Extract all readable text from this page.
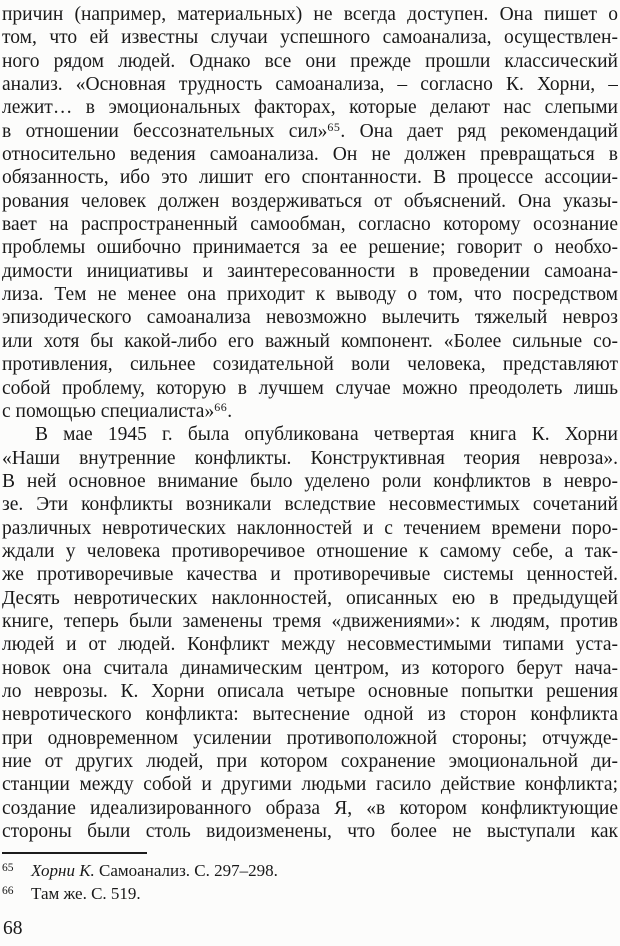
причин (например, материальных) не всегда доступен. Она пишет о
том, что ей известны случаи успешного самоанализа, осуществлен-
ного рядом людей. Однако все они прежде прошли классический
анализ. «Основная трудность самоанализа, – согласно К. Хорни, –
лежит… в эмоциональных факторах, которые делают нас слепыми
в отношении бессознательных сил»$^{65}$. Она дает ряд рекомендаций
относительно ведения самоанализа. Он не должен превращаться в
обязанность, ибо это лишит его спонтанности. В процессе ассоции-
рования человек должен воздерживаться от объяснений. Она указы-
вает на распространенный самообман, согласно которому осознание
проблемы ошибочно принимается за ее решение; говорит о необхо-
димости инициативы и заинтересованности в проведении самоана-
лиза. Тем не менее она приходит к выводу о том, что посредством
эпизодического самоанализа невозможно вылечить тяжелый невроз
или хотя бы какой-либо его важный компонент. «Более сильные со-
противления, сильнее созидательной воли человека, представляют
собой проблему, которую в лучшем случае можно преодолеть лишь
с помощью специалиста»$^{66}$.
В мае 1945 г. была опубликована четвертая книга К. Хорни
«Наши внутренние конфликты. Конструктивная теория невроза».
В ней основное внимание было уделено роли конфликтов в невро-
зе. Эти конфликты возникали вследствие несовместимых сочетаний
различных невротических наклонностей и с течением времени поро-
ждали у человека противоречивое отношение к самому себе, а так-
же противоречивые качества и противоречивые системы ценностей.
Десять невротических наклонностей, описанных ею в предыдущей
книге, теперь были заменены тремя «движениями»: к людям, против
людей и от людей. Конфликт между несовместимыми типами уста-
новок она считала динамическим центром, из которого берут нача-
ло неврозы. К. Хорни описала четыре основные попытки решения
невротического конфликта: вытеснение одной из сторон конфликта
при одновременном усилении противоположной стороны; отчужде-
ние от других людей, при котором сохранение эмоциональной ди-
станции между собой и другими людьми гасило действие конфликта;
создание идеализированного образа Я, «в котором конфликтующие
стороны были столь видоизменены, что более не выступали как
65 Хорни К. Самоанализ. С. 297–298.
66 Там же. С. 519.
68
